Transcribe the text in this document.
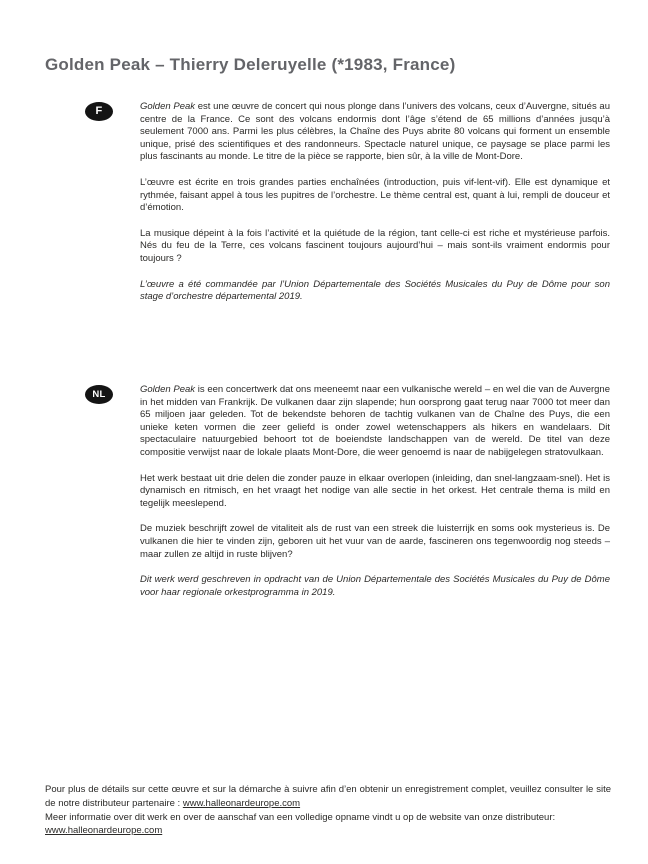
Golden Peak – Thierry Deleruyelle (*1983, France)
F	Golden Peak est une œuvre de concert qui nous plonge dans l’univers des volcans, ceux d’Auvergne, situés au centre de la France. Ce sont des volcans endormis dont l’âge s’étend de 65 millions d’années jusqu’à seulement 7000 ans. Parmi les plus célèbres, la Chaîne des Puys abrite 80 volcans qui forment un ensemble unique, prisé des scientifiques et des randonneurs. Spectacle naturel unique, ce paysage se place parmi les plus fascinants au monde. Le titre de la pièce se rapporte, bien sûr, à la ville de Mont-Dore.

L’œuvre est écrite en trois grandes parties enchaînées (introduction, puis vif-lent-vif). Elle est dynamique et rythmée, faisant appel à tous les pupitres de l’orchestre. Le thème central est, quant à lui, rempli de douceur et d’émotion.

La musique dépeint à la fois l’activité et la quiétude de la région, tant celle-ci est riche et mystérieuse parfois. Nés du feu de la Terre, ces volcans fascinent toujours aujourd’hui – mais sont-ils vraiment endormis pour toujours ?

L’œuvre a été commandée par l’Union Départementale des Sociétés Musicales du Puy de Dôme pour son stage d’orchestre départemental 2019.

NL	Golden Peak is een concertwerk dat ons meeneemt naar een vulkanische wereld – en wel die van de Auvergne in het midden van Frankrijk. De vulkanen daar zijn slapende; hun oorsprong gaat terug naar 7000 tot meer dan 65 miljoen jaar geleden. Tot de bekendste behoren de tachtig vulkanen van de Chaîne des Puys, die een unieke keten vormen die zeer geliefd is onder zowel wetenschappers als hikers en wandelaars. Dit spectaculaire natuurgebied behoort tot de boeiendste landschappen van de wereld. De titel van deze compositie verwijst naar de lokale plaats Mont-Dore, die weer genoemd is naar de nabijgelegen stratovulkaan.

Het werk bestaat uit drie delen die zonder pauze in elkaar overlopen (inleiding, dan snel-langzaam-snel). Het is dynamisch en ritmisch, en het vraagt het nodige van alle sectie in het orkest. Het centrale thema is mild en tegelijk meeslepend.

De muziek beschrijft zowel de vitaliteit als de rust van een streek die luisterrijk en soms ook mysterieus is. De vulkanen die hier te vinden zijn, geboren uit het vuur van de aarde, fascineren ons tegenwoordig nog steeds – maar zullen ze altijd in ruste blijven?

Dit werk werd geschreven in opdracht van de Union Départementale des Sociétés Musicales du Puy de Dôme voor haar regionale orkestprogramma in 2019.

Pour plus de détails sur cette œuvre et sur la démarche à suivre afin d’en obtenir un enregistrement complet, veuillez consulter le site de notre distributeur partenaire : www.halleonardeurope.com

Meer informatie over dit werk en over de aanschaf van een volledige opname vindt u op de website van onze distributeur: www.halleonardeurope.com
